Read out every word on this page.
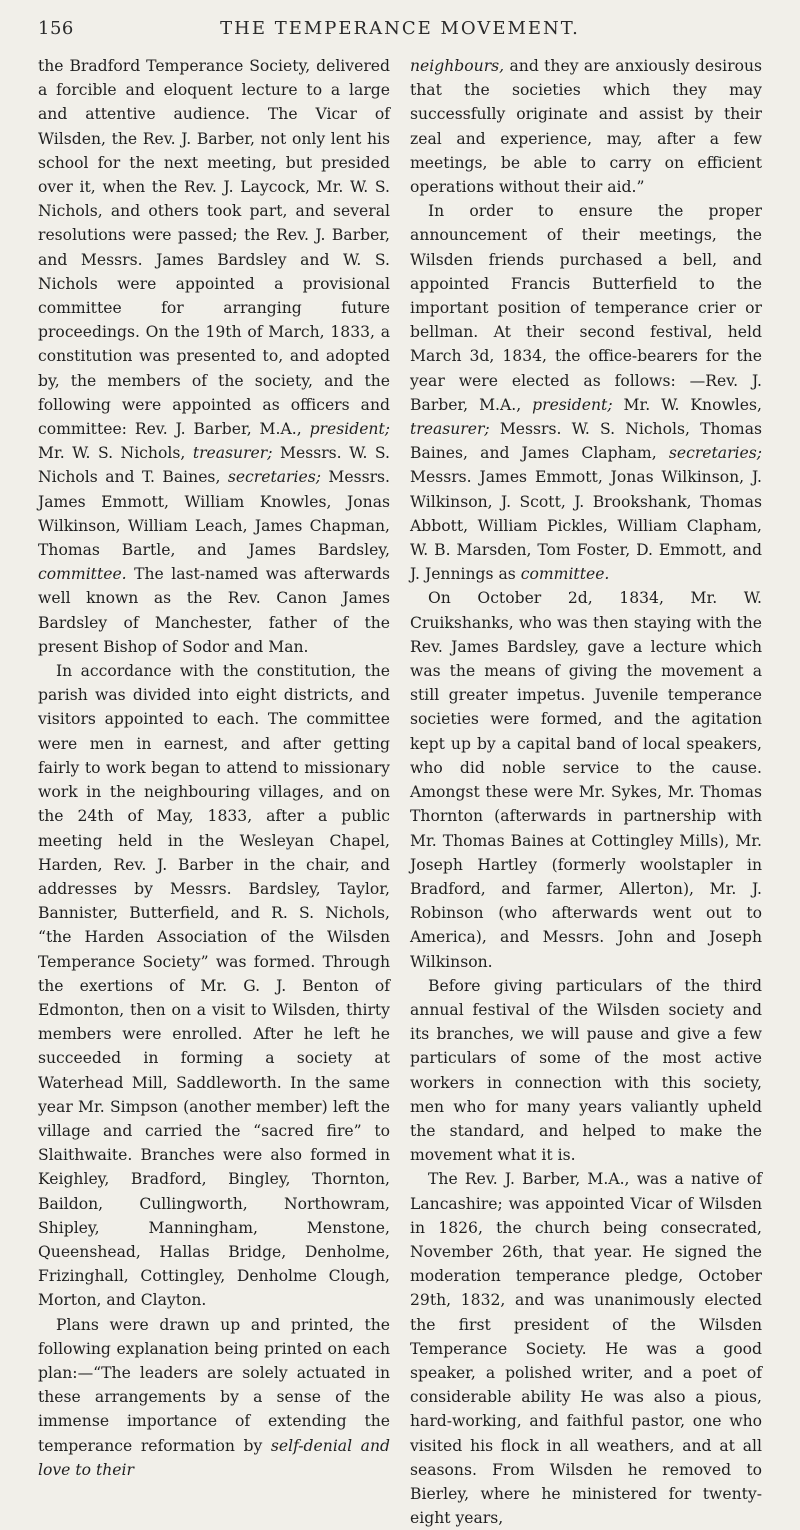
156	THE TEMPERANCE MOVEMENT.

the Bradford Temperance Society, delivered a forcible and eloquent lecture to a large and attentive audience. The Vicar of Wilsden, the Rev. J. Barber, not only lent his school for the next meeting, but presided over it, when the Rev. J. Laycock, Mr. W. S. Nichols, and others took part, and several resolutions were passed; the Rev. J. Barber, and Messrs. James Bardsley and W. S. Nichols were appointed a provisional committee for arranging future proceedings. On the 19th of March, 1833, a constitution was presented to, and adopted by, the members of the society, and the following were appointed as officers and committee: Rev. J. Barber, M.A., president; Mr. W. S. Nichols, treasurer; Messrs. W. S. Nichols and T. Baines, secretaries; Messrs. James Emmott, William Knowles, Jonas Wilkinson, William Leach, James Chapman, Thomas Bartle, and James Bardsley, committee. The last-named was afterwards well known as the Rev. Canon James Bardsley of Manchester, father of the present Bishop of Sodor and Man.

In accordance with the constitution, the parish was divided into eight districts, and visitors appointed to each. The committee were men in earnest, and after getting fairly to work began to attend to missionary work in the neighbouring villages, and on the 24th of May, 1833, after a public meeting held in the Wesleyan Chapel, Harden, Rev. J. Barber in the chair, and addresses by Messrs. Bardsley, Taylor, Bannister, Butterfield, and R. S. Nichols, “the Harden Association of the Wilsden Temperance Society” was formed. Through the exertions of Mr. G. J. Benton of Edmonton, then on a visit to Wilsden, thirty members were enrolled. After he left he succeeded in forming a society at Waterhead Mill, Saddleworth. In the same year Mr. Simpson (another member) left the village and carried the “sacred fire” to Slaithwaite. Branches were also formed in Keighley, Bradford, Bingley, Thornton, Baildon, Cullingworth, Northowram, Shipley, Manningham, Menstone, Queenshead, Hallas Bridge, Denholme, Frizinghall, Cottingley, Denholme Clough, Morton, and Clayton.

Plans were drawn up and printed, the following explanation being printed on each plan:—“The leaders are solely actuated in these arrangements by a sense of the immense importance of extending the temperance reformation by self-denial and love to their

neighbours, and they are anxiously desirous that the societies which they may successfully originate and assist by their zeal and experience, may, after a few meetings, be able to carry on efficient operations without their aid.”

In order to ensure the proper announcement of their meetings, the Wilsden friends purchased a bell, and appointed Francis Butterfield to the important position of temperance crier or bellman. At their second festival, held March 3d, 1834, the office-bearers for the year were elected as follows: —Rev. J. Barber, M.A., president; Mr. W. Knowles, treasurer; Messrs. W. S. Nichols, Thomas Baines, and James Clapham, secretaries; Messrs. James Emmott, Jonas Wilkinson, J. Wilkinson, J. Scott, J. Brookshank, Thomas Abbott, William Pickles, William Clapham, W. B. Marsden, Tom Foster, D. Emmott, and J. Jennings as committee.

On October 2d, 1834, Mr. W. Cruikshanks, who was then staying with the Rev. James Bardsley, gave a lecture which was the means of giving the movement a still greater impetus. Juvenile temperance societies were formed, and the agitation kept up by a capital band of local speakers, who did noble service to the cause. Amongst these were Mr. Sykes, Mr. Thomas Thornton (afterwards in partnership with Mr. Thomas Baines at Cottingley Mills), Mr. Joseph Hartley (formerly woolstapler in Bradford, and farmer, Allerton), Mr. J. Robinson (who afterwards went out to America), and Messrs. John and Joseph Wilkinson.

Before giving particulars of the third annual festival of the Wilsden society and its branches, we will pause and give a few particulars of some of the most active workers in connection with this society, men who for many years valiantly upheld the standard, and helped to make the movement what it is.

The Rev. J. Barber, M.A., was a native of Lancashire; was appointed Vicar of Wilsden in 1826, the church being consecrated, November 26th, that year. He signed the moderation temperance pledge, October 29th, 1832, and was unanimously elected the first president of the Wilsden Temperance Society. He was a good speaker, a polished writer, and a poet of considerable ability He was also a pious, hard-working, and faithful pastor, one who visited his flock in all weathers, and at all seasons. From Wilsden he removed to Bierley, where he ministered for twenty-eight years,
